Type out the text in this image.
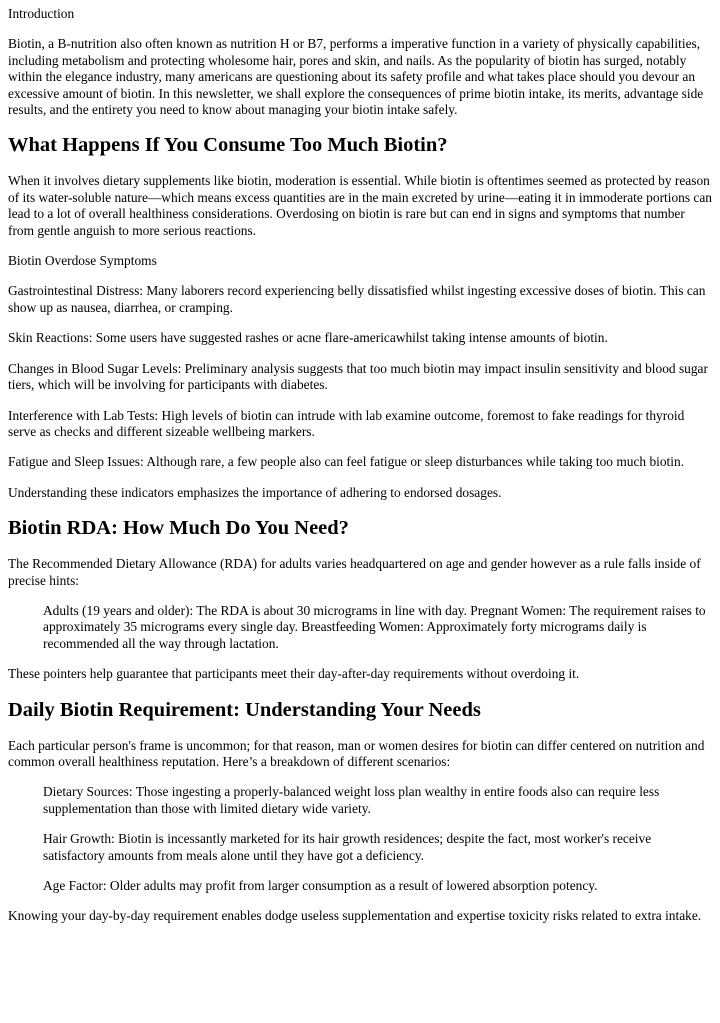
Introduction

Biotin, a B-nutrition also often known as nutrition H or B7, performs a imperative function in a variety of physically capabilities, including metabolism and protecting wholesome hair, pores and skin, and nails. As the popularity of biotin has surged, notably within the elegance industry, many americans are questioning about its safety profile and what takes place should you devour an excessive amount of biotin. In this newsletter, we shall explore the consequences of prime biotin intake, its merits, advantage side results, and the entirety you need to know about managing your biotin intake safely.

What Happens If You Consume Too Much Biotin?

When it involves dietary supplements like biotin, moderation is essential. While biotin is oftentimes seemed as protected by reason of its water-soluble nature—which means excess quantities are in the main excreted by urine—eating it in immoderate portions can lead to a lot of overall healthiness considerations. Overdosing on biotin is rare but can end in signs and symptoms that number from gentle anguish to more serious reactions.

Biotin Overdose Symptoms

Gastrointestinal Distress: Many laborers record experiencing belly dissatisfied whilst ingesting excessive doses of biotin. This can show up as nausea, diarrhea, or cramping.

Skin Reactions: Some users have suggested rashes or acne flare-americawhilst taking intense amounts of biotin.

Changes in Blood Sugar Levels: Preliminary analysis suggests that too much biotin may impact insulin sensitivity and blood sugar tiers, which will be involving for participants with diabetes.

Interference with Lab Tests: High levels of biotin can intrude with lab examine outcome, foremost to fake readings for thyroid serve as checks and different sizeable wellbeing markers.

Fatigue and Sleep Issues: Although rare, a few people also can feel fatigue or sleep disturbances while taking too much biotin.

Understanding these indicators emphasizes the importance of adhering to endorsed dosages.

Biotin RDA: How Much Do You Need?

The Recommended Dietary Allowance (RDA) for adults varies headquartered on age and gender however as a rule falls inside of precise hints:

Adults (19 years and older): The RDA is about 30 micrograms in line with day. Pregnant Women: The requirement raises to approximately 35 micrograms every single day. Breastfeeding Women: Approximately forty micrograms daily is recommended all the way through lactation.

These pointers help guarantee that participants meet their day-after-day requirements without overdoing it.

Daily Biotin Requirement: Understanding Your Needs

Each particular person's frame is uncommon; for that reason, man or women desires for biotin can differ centered on nutrition and common overall healthiness reputation. Here’s a breakdown of different scenarios:

Dietary Sources: Those ingesting a properly-balanced weight loss plan wealthy in entire foods also can require less supplementation than those with limited dietary wide variety.

Hair Growth: Biotin is incessantly marketed for its hair growth residences; despite the fact, most worker's receive satisfactory amounts from meals alone until they have got a deficiency.

Age Factor: Older adults may profit from larger consumption as a result of lowered absorption potency.

Knowing your day-by-day requirement enables dodge useless supplementation and expertise toxicity risks related to extra intake.
